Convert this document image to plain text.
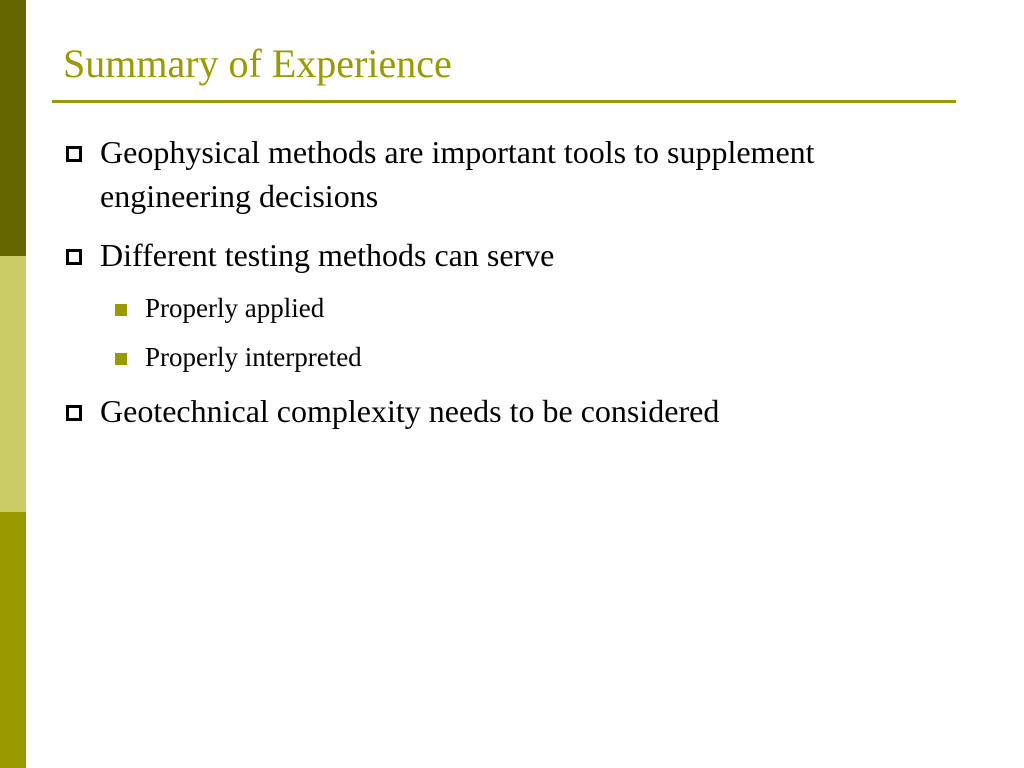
Summary of Experience
Geophysical methods are important tools to supplement engineering decisions
Different testing methods can serve
Properly applied
Properly interpreted
Geotechnical complexity needs to be considered
